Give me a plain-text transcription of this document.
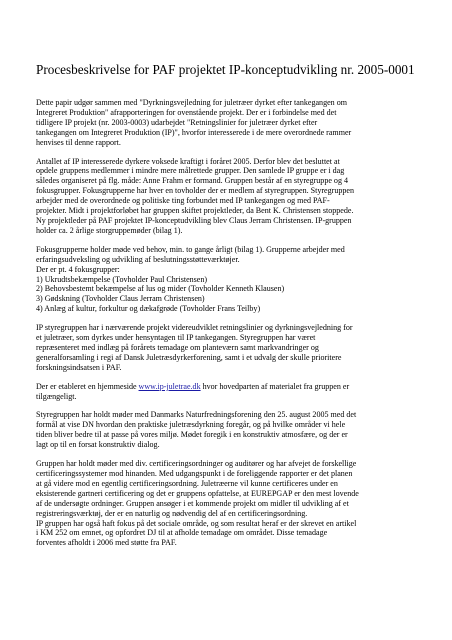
Procesbeskrivelse for PAF projektet IP-konceptudvikling nr. 2005-0001

Dette papir udgør sammen med "Dyrkningsvejledning for juletræer dyrket efter tankegangen om
Integreret Produktion" afrapporteringen for ovenstående projekt. Der er i forbindelse med det
tidligere IP projekt (nr. 2003-0003) udarbejdet "Retningslinier for juletræer dyrket efter
tankegangen om Integreret Produktion (IP)", hvorfor interesserede i de mere overordnede rammer
henvises til denne rapport.

Antallet af IP interesserede dyrkere voksede kraftigt i foråret 2005. Derfor blev det besluttet at
opdele gruppens medlemmer i mindre mere målrettede grupper. Den samlede IP gruppe er i dag
således organiseret på flg. måde: Anne Frahm er formand. Gruppen består af en styregruppe og 4
fokusgrupper. Fokusgrupperne har hver en tovholder der er medlem af styregruppen. Styregruppen
arbejder med de overordnede og politiske ting forbundet med IP tankegangen og med PAF-
projekter. Midt i projektforløbet har gruppen skiftet projektleder, da Bent K. Christensen stoppede.
Ny projektleder på PAF projektet IP-konceptudvikling blev Claus Jerram Christensen. IP-gruppen
holder ca. 2 årlige storgruppemøder (bilag 1).

Fokusgrupperne holder møde ved behov, min. to gange årligt (bilag 1). Grupperne arbejder med
erfaringsudveksling og udvikling af beslutningsstøtteværktøjer.
Der er pt. 4 fokusgrupper:
1) Ukrudtsbekæmpelse (Tovholder Paul Christensen)
2) Behovsbestemt bekæmpelse af lus og mider (Tovholder Kenneth Klausen)
3) Gødskning (Tovholder Claus Jerram Christensen)
4) Anlæg af kultur, forkultur og dækafgrøde (Tovholder Frans Teilby)

IP styregruppen har i nærværende projekt videreudviklet retningslinier og dyrkningsvejledning for
et juletræer, som dyrkes under hensyntagen til IP tankegangen. Styregruppen har været
repræsenteret med indlæg på forårets temadage om planteværn samt markvandringer og
generalforsamling i regi af Dansk Juletræsdyrkerforening, samt i et udvalg der skulle prioritere
forskningsindsatsen i PAF.

Der er etableret en hjemmeside www.ip-juletrae.dk hvor hovedparten af materialet fra gruppen er
tilgængeligt.

Styregruppen har holdt møder med Danmarks Naturfredningsforening den 25. august 2005 med det
formål at vise DN hvordan den praktiske juletræsdyrkning foregår, og på hvilke områder vi hele
tiden bliver bedre til at passe på vores miljø. Mødet foregik i en konstruktiv atmosfære, og der er
lagt op til en forsat konstruktiv dialog.

Gruppen har holdt møder med div. certificeringsordninger og auditører og har afvejet de forskellige
certificeringssystemer mod hinanden. Med udgangspunkt i de foreliggende rapporter er det planen
at gå videre mod en egentlig certificeringsordning. Juletræerne vil kunne certificeres under en
eksisterende gartneri certificering og det er gruppens opfattelse, at EUREPGAP er den mest lovende
af de undersøgte ordninger. Gruppen ansøger i et kommende projekt om midler til udvikling af et
registreringsværktøj, der er en naturlig og nødvendig del af en certificeringsordning.
IP gruppen har også haft fokus på det sociale område, og som resultat heraf er der skrevet en artikel
i KM 252 om emnet, og opfordret DJ til at afholde temadage om området. Disse temadage
forventes afholdt i 2006 med støtte fra PAF.
